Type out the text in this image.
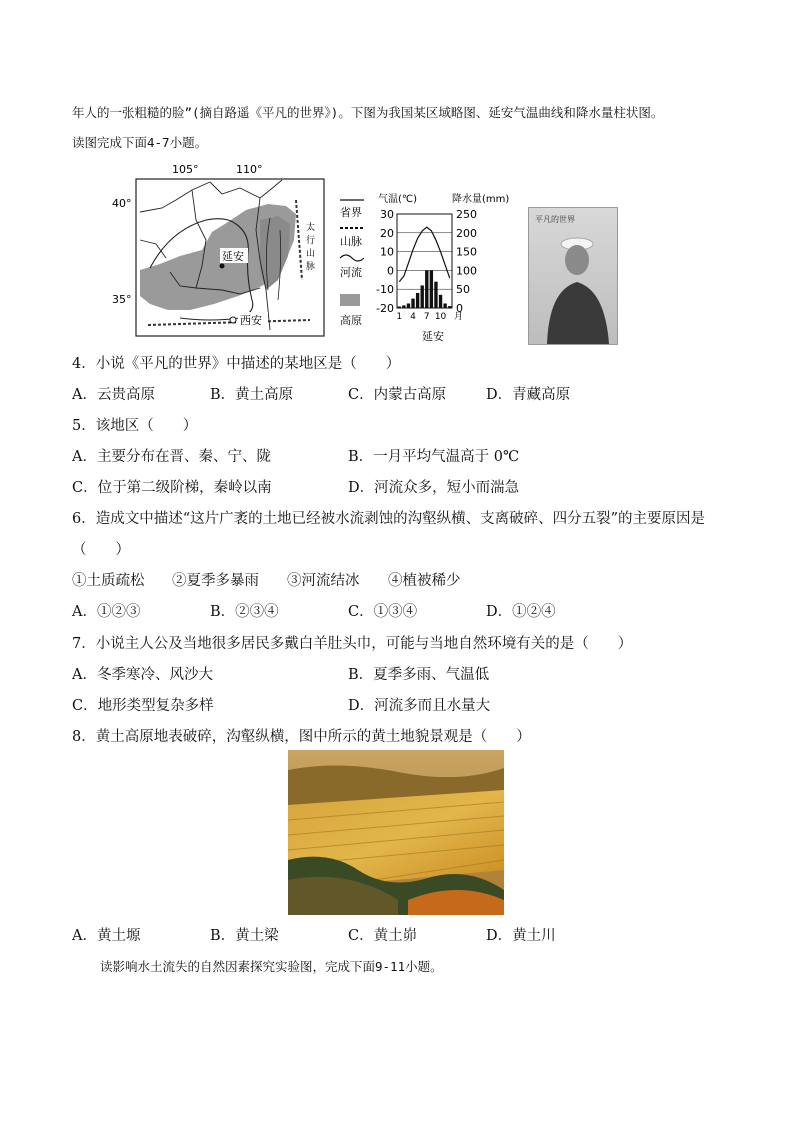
年人的一张粗糙的脸”(摘自路遥《平凡的世界》)。下图为我国某区域略图、延安气温曲线和降水量柱状图。
读图完成下面4-7小题。
105°	110°
40°
35°
延安
西安
太行山脉
省界
山脉
河流
高原
气温(℃)	降水量(mm)
30
20
10
0
-10
-20
250
200
150
100
50
0
1 4 7 10 月
延安
平凡的世界
4．小说《平凡的世界》中描述的某地区是（　　）
A．云贵高原	B．黄土高原	C．内蒙古高原	D．青藏高原
5．该地区（　　）
A．主要分布在晋、秦、宁、陇	B．一月平均气温高于 0℃
C．位于第二级阶梯，秦岭以南	D．河流众多，短小而湍急
6．造成文中描述“这片广袤的土地已经被水流剥蚀的沟壑纵横、支离破碎、四分五裂”的主要原因是
（　　）
①土质疏松 ②夏季多暴雨 ③河流结冰 ④植被稀少
A．①②③	B．②③④	C．①③④	D．①②④
7．小说主人公及当地很多居民多戴白羊肚头巾，可能与当地自然环境有关的是（　　）
A．冬季寒冷、风沙大	B．夏季多雨、气温低
C．地形类型复杂多样	D．河流多而且水量大
8．黄土高原地表破碎，沟壑纵横，图中所示的黄土地貌景观是（　　）
A．黄土塬	B．黄土梁	C．黄土峁	D．黄土川
读影响水土流失的自然因素探究实验图，完成下面9-11小题。
